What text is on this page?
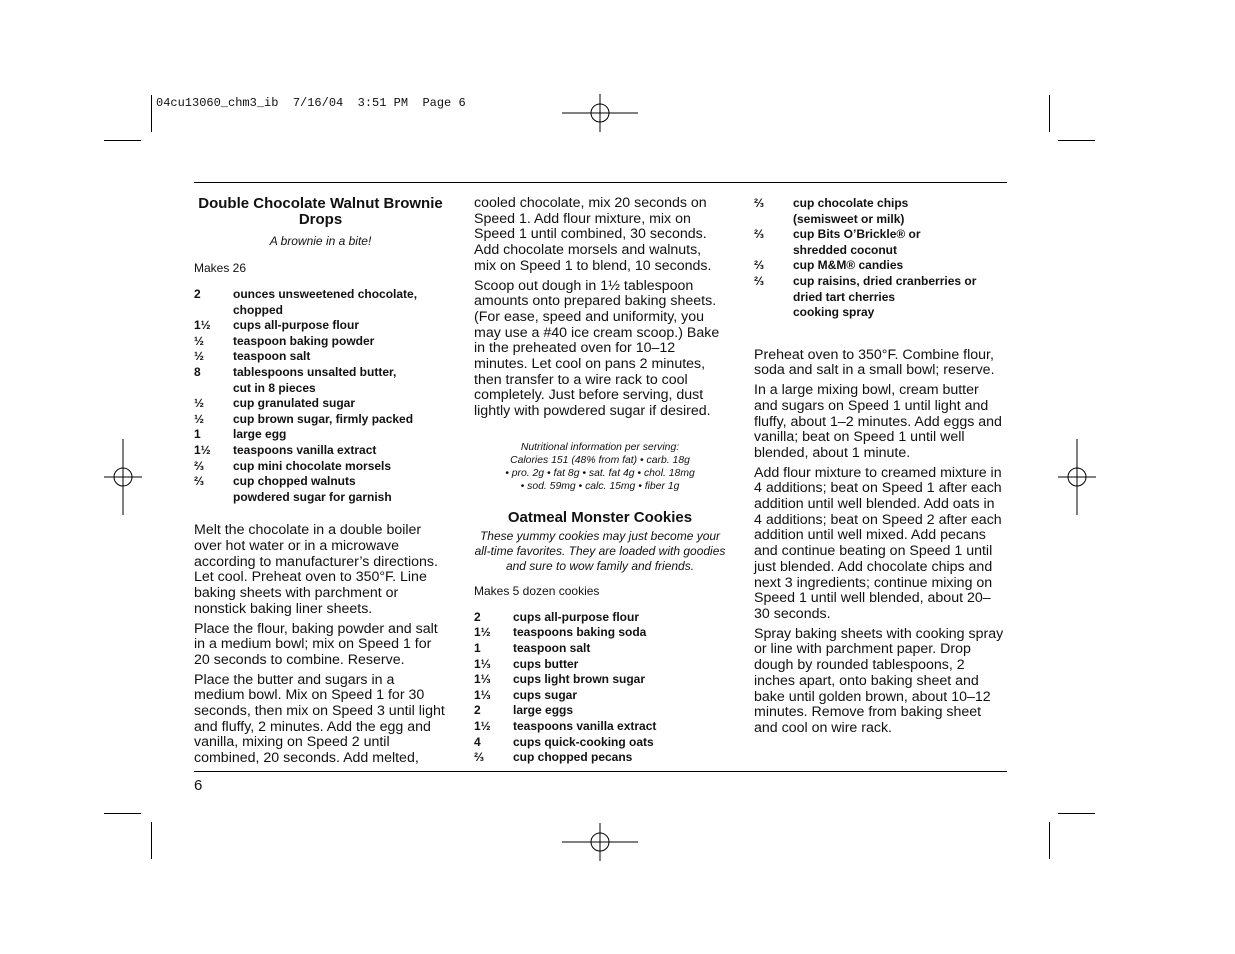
04cu13060_chm3_ib  7/16/04  3:51 PM  Page 6
Double Chocolate Walnut Brownie Drops
A brownie in a bite!
Makes 26
2	ounces unsweetened chocolate,
chopped
1½	cups all-purpose flour
½	teaspoon baking powder
½	teaspoon salt
8	tablespoons unsalted butter,
cut in 8 pieces
½	cup granulated sugar
½	cup brown sugar, firmly packed
1	large egg
1½	teaspoons vanilla extract
⅔	cup mini chocolate morsels
⅔	cup chopped walnuts
powdered sugar for garnish

Melt the chocolate in a double boiler over hot water or in a microwave according to manufacturer’s directions. Let cool. Preheat oven to 350°F. Line baking sheets with parchment or nonstick baking liner sheets.

Place the flour, baking powder and salt in a medium bowl; mix on Speed 1 for 20 seconds to combine. Reserve.

Place the butter and sugars in a medium bowl. Mix on Speed 1 for 30 seconds, then mix on Speed 3 until light and fluffy, 2 minutes. Add the egg and vanilla, mixing on Speed 2 until combined, 20 seconds. Add melted,

cooled chocolate, mix 20 seconds on Speed 1. Add flour mixture, mix on Speed 1 until combined, 30 seconds. Add chocolate morsels and walnuts, mix on Speed 1 to blend, 10 seconds.

Scoop out dough in 1½ tablespoon amounts onto prepared baking sheets. (For ease, speed and uniformity, you may use a #40 ice cream scoop.) Bake in the preheated oven for 10–12 minutes. Let cool on pans 2 minutes, then transfer to a wire rack to cool completely. Just before serving, dust lightly with powdered sugar if desired.

Nutritional information per serving:
Calories 151 (48% from fat) • carb. 18g
• pro. 2g • fat 8g • sat. fat 4g • chol. 18mg
• sod. 59mg • calc. 15mg • fiber 1g
Oatmeal Monster Cookies
These yummy cookies may just become your all-time favorites. They are loaded with goodies and sure to wow family and friends.
Makes 5 dozen cookies
2	cups all-purpose flour
1½	teaspoons baking soda
1	teaspoon salt
1⅓	cups butter
1⅓	cups light brown sugar
1⅓	cups sugar
2	large eggs
1½	teaspoons vanilla extract
4	cups quick-cooking oats
⅔	cup chopped pecans
⅔	cup chocolate chips
(semisweet or milk)
⅔	cup Bits O’Brickle® or
shredded coconut
⅔	cup M&M® candies
⅔	cup raisins, dried cranberries or
dried tart cherries
cooking spray

Preheat oven to 350°F. Combine flour, soda and salt in a small bowl; reserve.

In a large mixing bowl, cream butter and sugars on Speed 1 until light and fluffy, about 1–2 minutes. Add eggs and vanilla; beat on Speed 1 until well blended, about 1 minute.

Add flour mixture to creamed mixture in 4 additions; beat on Speed 1 after each addition until well blended. Add oats in 4 additions; beat on Speed 2 after each addition until well mixed. Add pecans and continue beating on Speed 1 until just blended. Add chocolate chips and next 3 ingredients; continue mixing on Speed 1 until well blended, about 20–30 seconds.

Spray baking sheets with cooking spray or line with parchment paper. Drop dough by rounded tablespoons, 2 inches apart, onto baking sheet and bake until golden brown, about 10–12 minutes. Remove from baking sheet and cool on wire rack.

6
